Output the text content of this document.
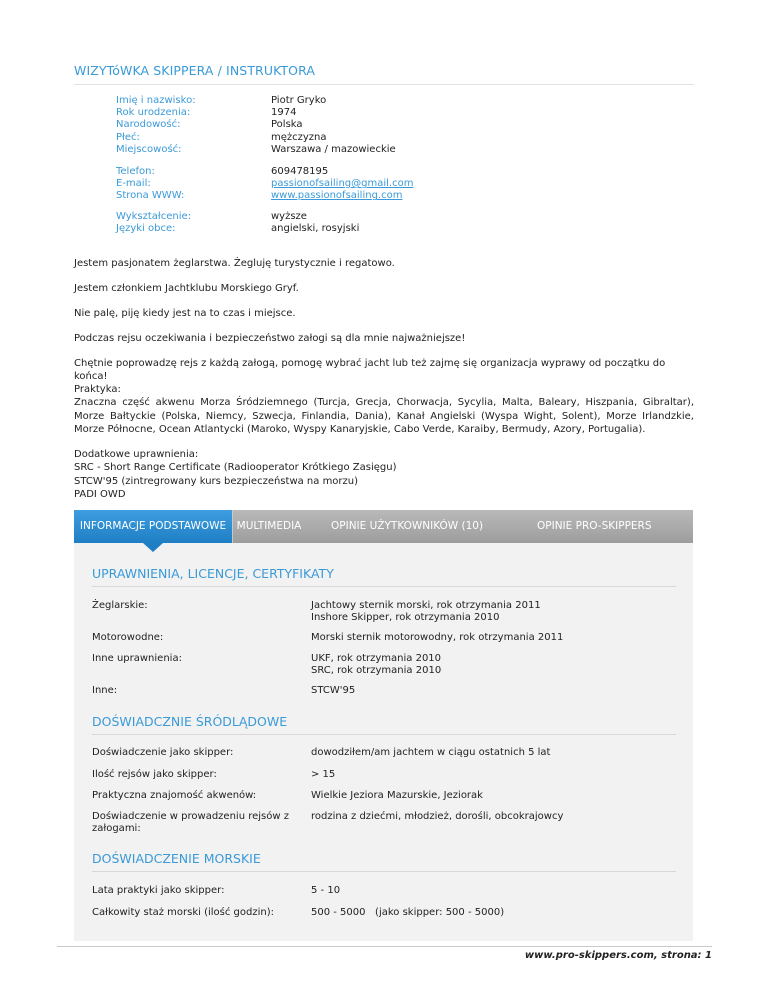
WIZYTóWKA SKIPPERA / INSTRUKTORA
Imię i nazwisko:	Piotr Gryko
Rok urodzenia:	1974
Narodowość:	Polska
Płeć:	mężczyzna
Miejscowość:	Warszawa / mazowieckie
Telefon:	609478195
E-mail:	passionofsailing@gmail.com
Strona WWW:	www.passionofsailing.com
Wykształcenie:	wyższe
Języki obce:	angielski, rosyjski
Jestem pasjonatem żeglarstwa. Żegluję turystycznie i regatowo.
Jestem członkiem Jachtklubu Morskiego Gryf.
Nie palę, piję kiedy jest na to czas i miejsce.
Podczas rejsu oczekiwania i bezpieczeństwo załogi są dla mnie najważniejsze!
Chętnie poprowadzę rejs z każdą załogą, pomogę wybrać jacht lub też zajmę się organizacja wyprawy od początku do końca!
Praktyka:
Znaczna część akwenu Morza Śródziemnego (Turcja, Grecja, Chorwacja, Sycylia, Malta, Baleary, Hiszpania, Gibraltar), Morze Bałtyckie (Polska, Niemcy, Szwecja, Finlandia, Dania), Kanał Angielski (Wyspa Wight, Solent), Morze Irlandzkie, Morze Północne, Ocean Atlantycki (Maroko, Wyspy Kanaryjskie, Cabo Verde, Karaiby, Bermudy, Azory, Portugalia).
Dodatkowe uprawnienia:
SRC - Short Range Certificate (Radiooperator Krótkiego Zasięgu)
STCW'95 (zintregrowany kurs bezpieczeństwa na morzu)
PADI OWD
INFORMACJE PODSTAWOWE	MULTIMEDIA	OPINIE UŻYTKOWNIKÓW (10)	OPINIE PRO-SKIPPERS
UPRAWNIENIA, LICENCJE, CERTYFIKATY
Żeglarskie:	Jachtowy sternik morski, rok otrzymania 2011
Inshore Skipper, rok otrzymania 2010
Motorowodne:	Morski sternik motorowodny, rok otrzymania 2011
Inne uprawnienia:	UKF, rok otrzymania 2010
SRC, rok otrzymania 2010
Inne:	STCW'95
DOŚWIADCZNIE ŚRÓDLĄDOWE
Doświadczenie jako skipper:	dowodziłem/am jachtem w ciągu ostatnich 5 lat
Ilość rejsów jako skipper:	> 15
Praktyczna znajomość akwenów:	Wielkie Jeziora Mazurskie, Jeziorak
Doświadczenie w prowadzeniu rejsów z
załogami:
rodzina z dziećmi, młodzież, dorośli, obcokrajowcy
DOŚWIADCZENIE MORSKIE
Lata praktyki jako skipper:	5 - 10
Całkowity staż morski (ilość godzin):	500 - 5000   (jako skipper: 500 - 5000)
www.pro-skippers.com, strona: 1
